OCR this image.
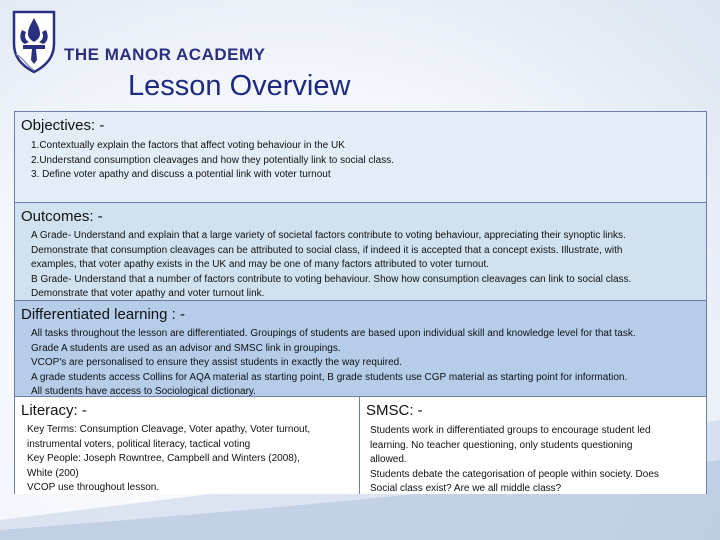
THE MANOR ACADEMY
Lesson Overview
Objectives: -
1.Contextually explain the factors that affect voting behaviour in the UK
2.Understand consumption cleavages and how they potentially link to social class.
3. Define voter apathy and discuss a potential link with voter turnout
Outcomes: -
A Grade- Understand and explain that a large variety of societal factors contribute to voting behaviour, appreciating their synoptic links.
Demonstrate that consumption cleavages can be attributed to social class, if indeed it is accepted that a concept exists. Illustrate, with
examples, that voter apathy exists in the UK and may be one of many factors attributed to voter turnout.
B Grade- Understand that a number of factors contribute to voting behaviour. Show how consumption cleavages can link to social class.
Demonstrate that voter apathy and voter turnout link.
Differentiated learning : -
All tasks throughout the lesson are differentiated. Groupings of students are based upon individual skill and knowledge level for that task.
Grade A students are used as an advisor and SMSC link in groupings.
VCOP's are personalised to ensure they assist students in exactly the way required.
A grade students access Collins for AQA material as starting point, B grade students use CGP material as starting point for information.
All students have access to Sociological dictionary.
Literacy: -
Key Terms: Consumption Cleavage, Voter apathy, Voter turnout,
instrumental voters, political literacy, tactical voting
Key People: Joseph Rowntree, Campbell and Winters (2008),
White (200)
VCOP use throughout lesson.
SMSC: -
Students work in differentiated groups to encourage student led
learning. No teacher questioning, only students questioning
allowed.
Students debate the categorisation of people within society. Does
Social class exist? Are we all middle class?
